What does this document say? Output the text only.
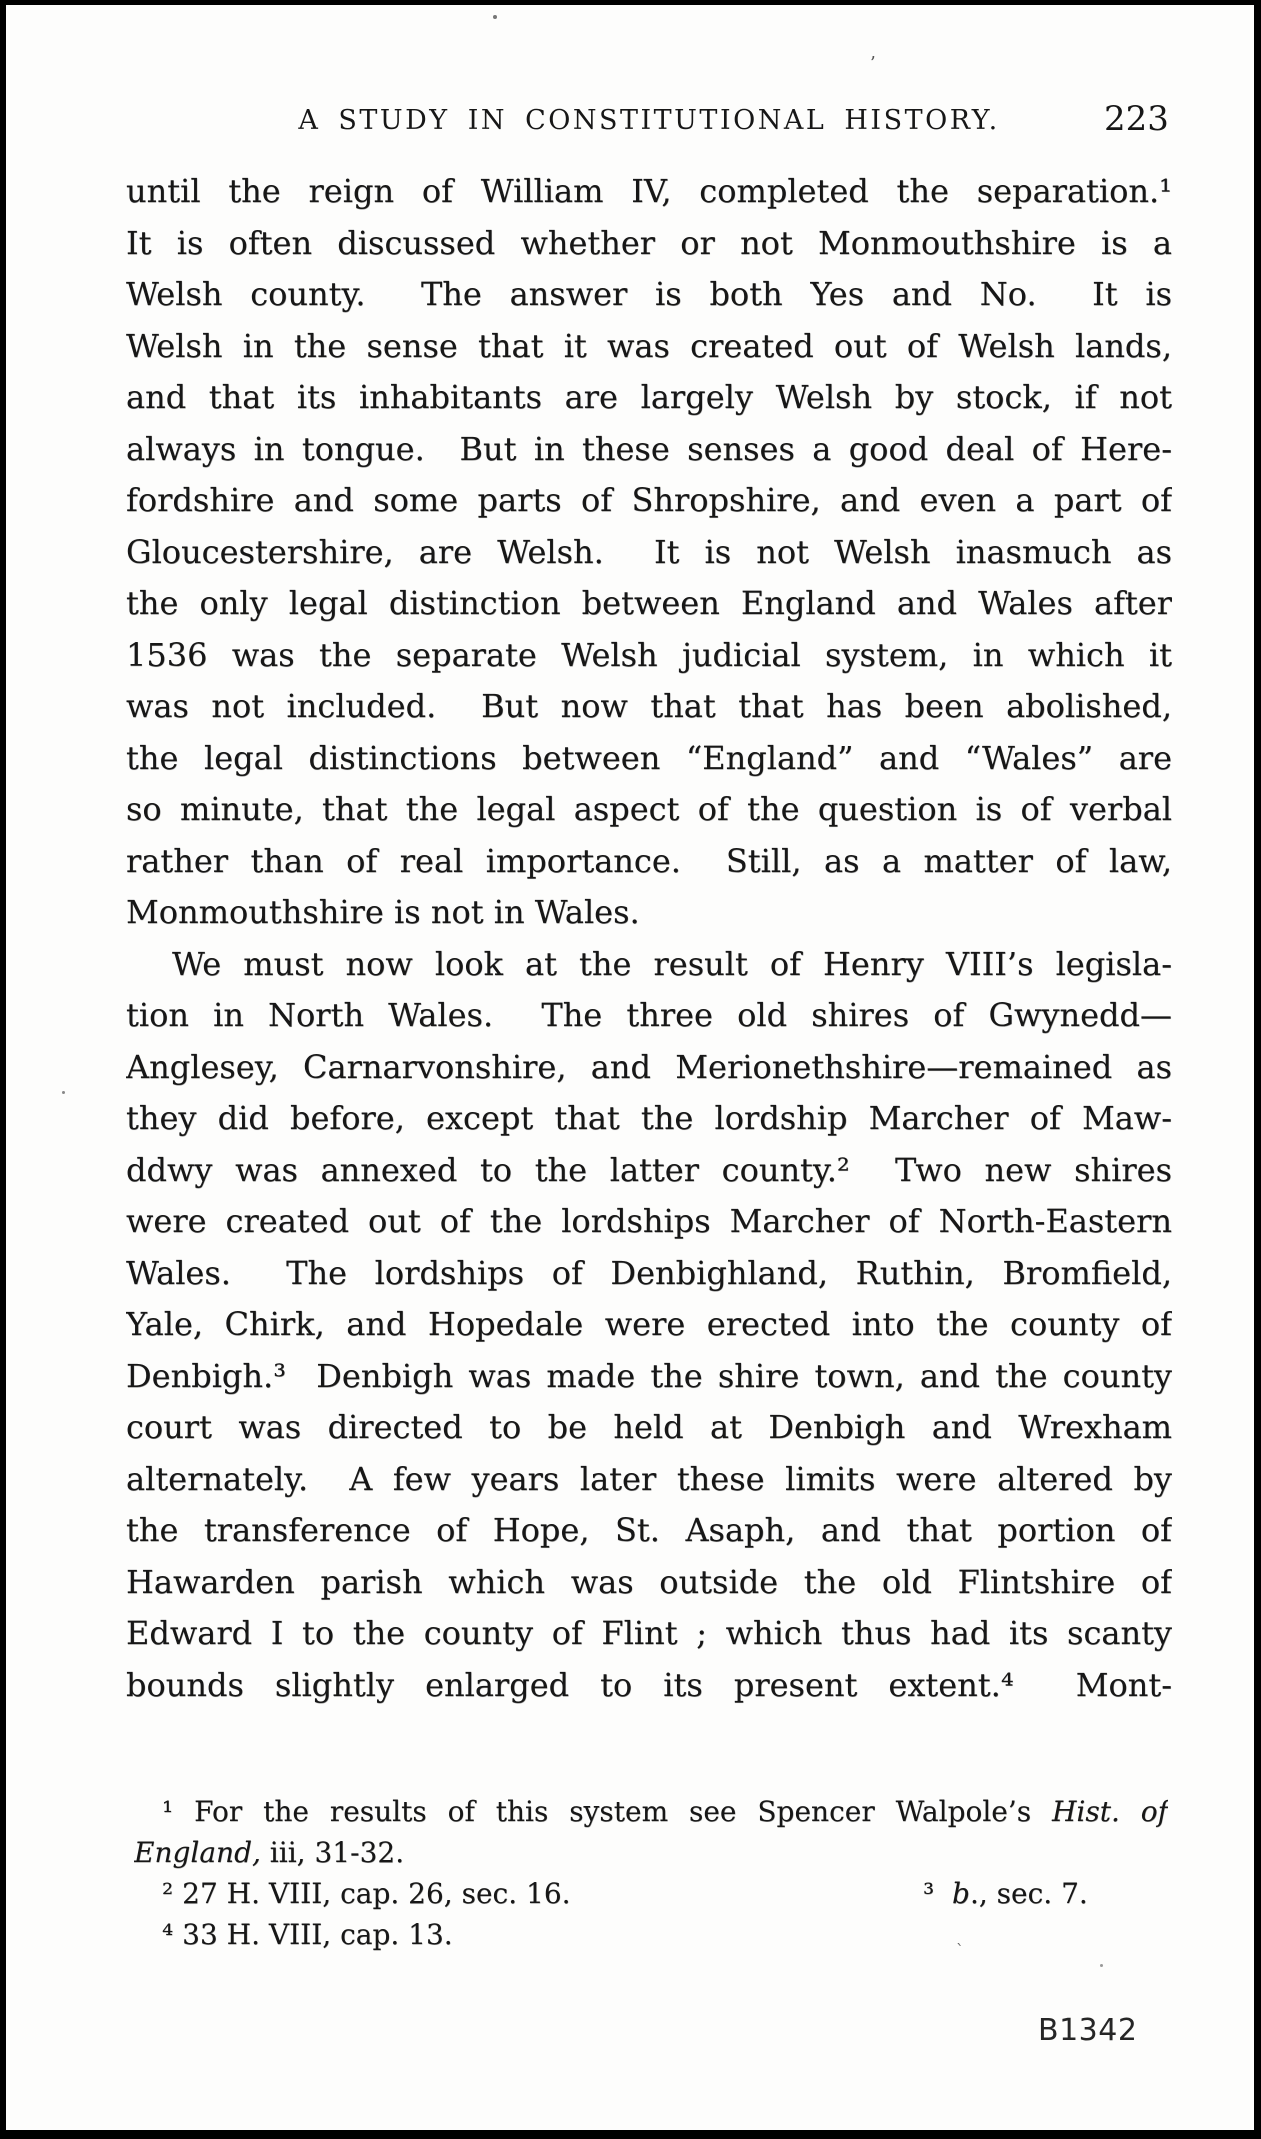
A STUDY IN CONSTITUTIONAL HISTORY.	223
until the reign of William IV, completed the separation.¹
It is often discussed whether or not Monmouthshire is a
Welsh county.  The answer is both Yes and No.  It is
Welsh in the sense that it was created out of Welsh lands,
and that its inhabitants are largely Welsh by stock, if not
always in tongue.  But in these senses a good deal of Here-
fordshire and some parts of Shropshire, and even a part of
Gloucestershire, are Welsh.  It is not Welsh inasmuch as
the only legal distinction between England and Wales after
1536 was the separate Welsh judicial system, in which it
was not included.  But now that that has been abolished,
the legal distinctions between “England” and “Wales” are
so minute, that the legal aspect of the question is of verbal
rather than of real importance.  Still, as a matter of law,
Monmouthshire is not in Wales.
We must now look at the result of Henry VIII’s legisla-
tion in North Wales.  The three old shires of Gwynedd—
Anglesey, Carnarvonshire, and Merionethshire—remained as
they did before, except that the lordship Marcher of Maw-
ddwy was annexed to the latter county.²  Two new shires
were created out of the lordships Marcher of North-Eastern
Wales.  The lordships of Denbighland, Ruthin, Bromfield,
Yale, Chirk, and Hopedale were erected into the county of
Denbigh.³  Denbigh was made the shire town, and the county
court was directed to be held at Denbigh and Wrexham
alternately.  A few years later these limits were altered by
the transference of Hope, St. Asaph, and that portion of
Hawarden parish which was outside the old Flintshire of
Edward I to the county of Flint ; which thus had its scanty
bounds slightly enlarged to its present extent.⁴  Mont-
¹ For the results of this system see Spencer Walpole’s Hist. of
England, iii, 31-32.
² 27 H. VIII, cap. 26, sec. 16.	³  b., sec. 7.
⁴ 33 H. VIII, cap. 13.
B1342
’
`
